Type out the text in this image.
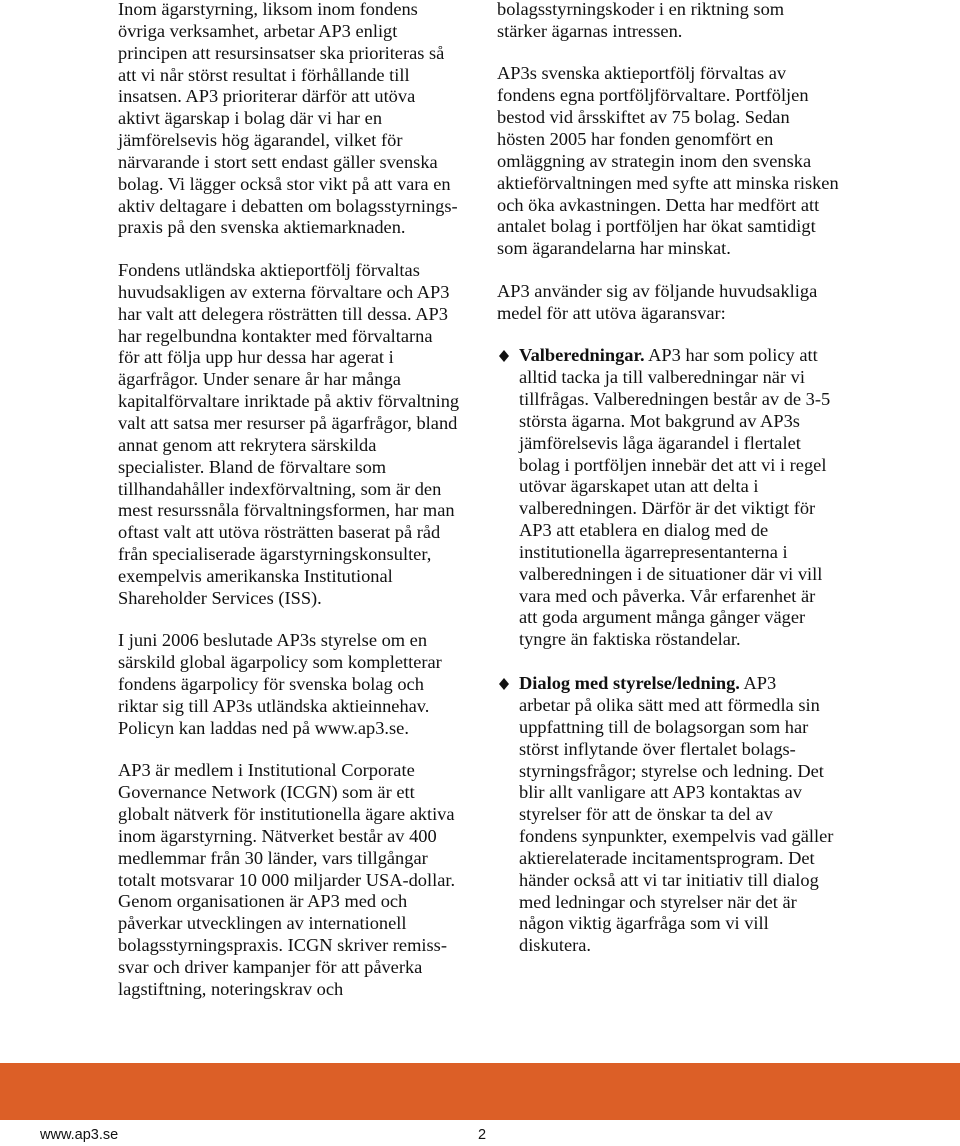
Inom ägarstyrning, liksom inom fondens
övriga verksamhet, arbetar AP3 enligt
principen att resursinsatser ska prioriteras så
att vi når störst resultat i förhållande till
insatsen. AP3 prioriterar därför att utöva
aktivt ägarskap i bolag där vi har en
jämförelsevis hög ägarandel, vilket för
närvarande i stort sett endast gäller svenska
bolag. Vi lägger också stor vikt på att vara en
aktiv deltagare i debatten om bolagsstyrnings-
praxis på den svenska aktiemarknaden.

Fondens utländska aktieportfölj förvaltas
huvudsakligen av externa förvaltare och AP3
har valt att delegera rösträtten till dessa. AP3
har regelbundna kontakter med förvaltarna
för att följa upp hur dessa har agerat i
ägarfrågor. Under senare år har många
kapitalförvaltare inriktade på aktiv förvaltning
valt att satsa mer resurser på ägarfrågor, bland
annat genom att rekrytera särskilda
specialister. Bland de förvaltare som
tillhandahåller indexförvaltning, som är den
mest resurssnåla förvaltningsformen, har man
oftast valt att utöva rösträtten baserat på råd
från specialiserade ägarstyrningskonsulter,
exempelvis amerikanska Institutional
Shareholder Services (ISS).

I juni 2006 beslutade AP3s styrelse om en
särskild global ägarpolicy som kompletterar
fondens ägarpolicy för svenska bolag och
riktar sig till AP3s utländska aktieinnehav.
Policyn kan laddas ned på www.ap3.se.

AP3 är medlem i Institutional Corporate
Governance Network (ICGN) som är ett
globalt nätverk för institutionella ägare aktiva
inom ägarstyrning. Nätverket består av 400
medlemmar från 30 länder, vars tillgångar
totalt motsvarar 10 000 miljarder USA-dollar.
Genom organisationen är AP3 med och
påverkar utvecklingen av internationell
bolagsstyrningspraxis. ICGN skriver remiss-
svar och driver kampanjer för att påverka
lagstiftning, noteringskrav och

bolagsstyrningskoder i en riktning som
stärker ägarnas intressen.

AP3s svenska aktieportfölj förvaltas av
fondens egna portföljförvaltare. Portföljen
bestod vid årsskiftet av 75 bolag. Sedan
hösten 2005 har fonden genomfört en
omläggning av strategin inom den svenska
aktieförvaltningen med syfte att minska risken
och öka avkastningen. Detta har medfört att
antalet bolag i portföljen har ökat samtidigt
som ägarandelarna har minskat.

AP3 använder sig av följande huvudsakliga
medel för att utöva ägaransvar:

Valberedningar. AP3 har som policy att
alltid tacka ja till valberedningar när vi
tillfrågas. Valberedningen består av de 3-5
största ägarna. Mot bakgrund av AP3s
jämförelsevis låga ägarandel i flertalet
bolag i portföljen innebär det att vi i regel
utövar ägarskapet utan att delta i
valberedningen. Därför är det viktigt för
AP3 att etablera en dialog med de
institutionella ägarrepresentanterna i
valberedningen i de situationer där vi vill
vara med och påverka. Vår erfarenhet är
att goda argument många gånger väger
tyngre än faktiska röstandelar.
Dialog med styrelse/ledning. AP3
arbetar på olika sätt med att förmedla sin
uppfattning till de bolagsorgan som har
störst inflytande över flertalet bolags-
styrningsfrågor; styrelse och ledning. Det
blir allt vanligare att AP3 kontaktas av
styrelser för att de önskar ta del av
fondens synpunkter, exempelvis vad gäller
aktierelaterade incitamentsprogram. Det
händer också att vi tar initiativ till dialog
med ledningar och styrelser när det är
någon viktig ägarfråga som vi vill
diskutera.
www.ap3.se	2
